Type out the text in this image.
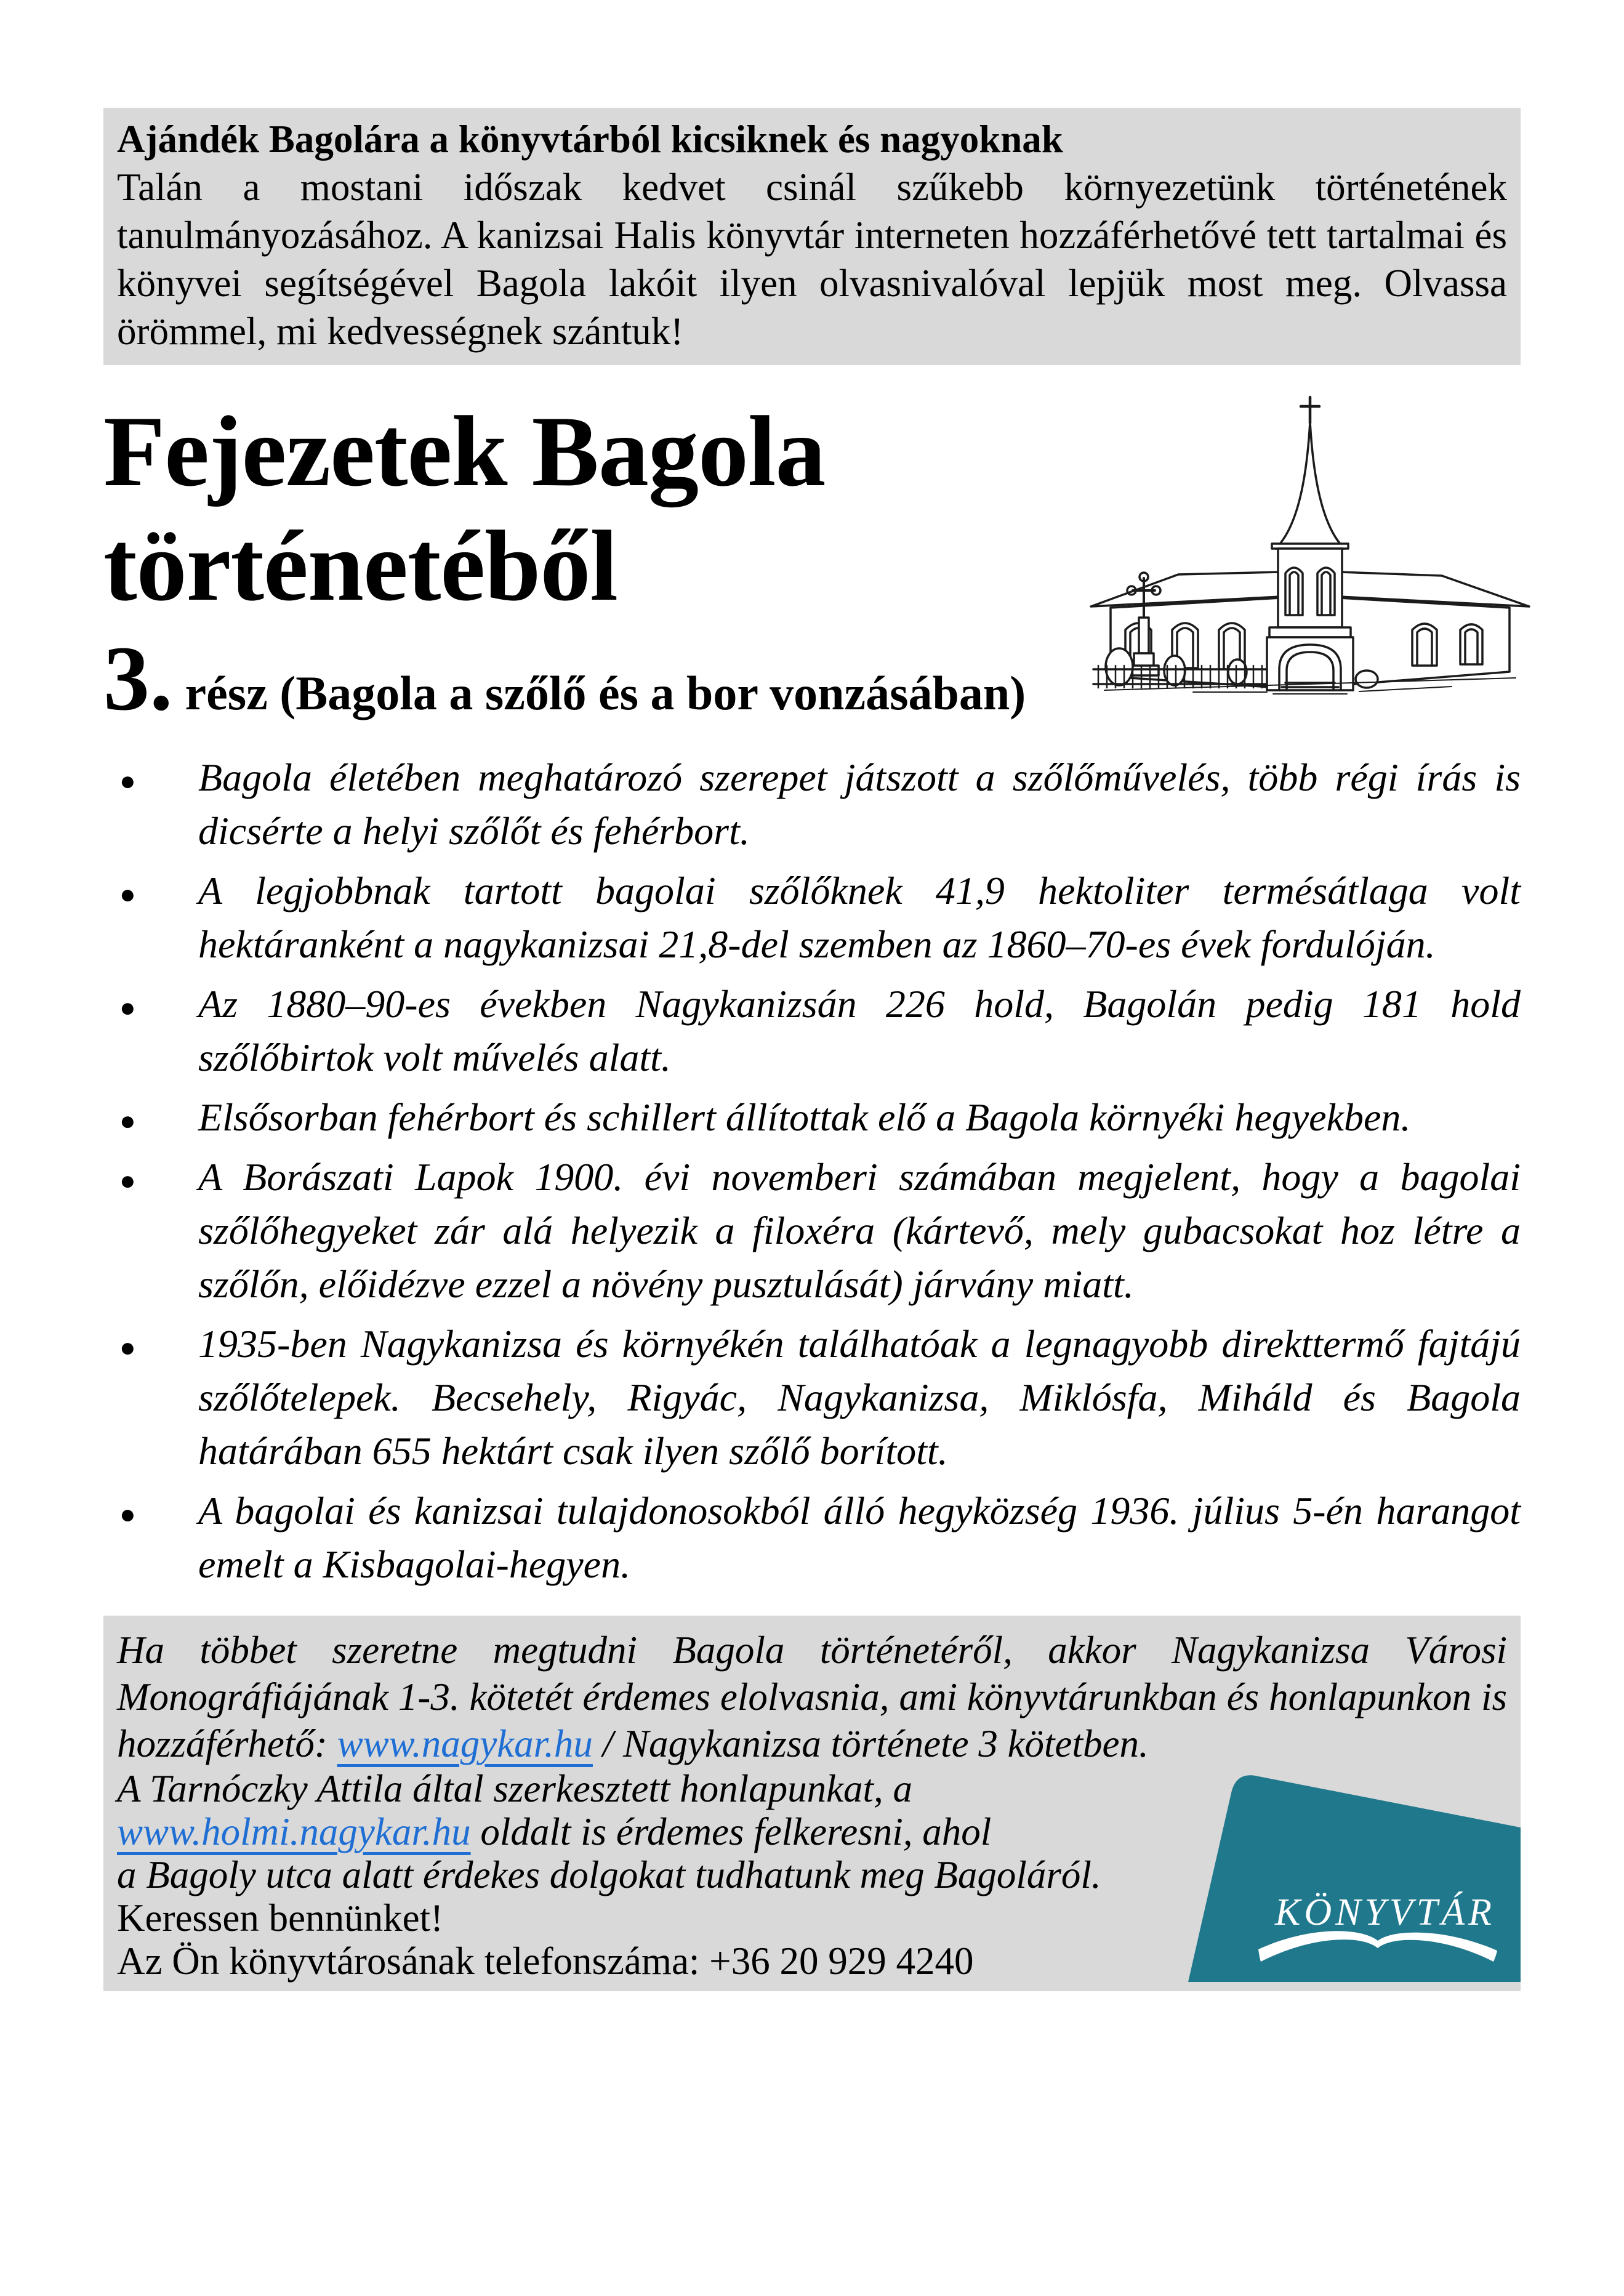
Ajándék Bagolára a könyvtárból kicsiknek és nagyoknak

Talán a mostani időszak kedvet csinál szűkebb környezetünk történetének tanulmányozásához. A kanizsai Halis könyvtár interneten hozzáférhetővé tett tartalmai és könyvei segítségével Bagola lakóit ilyen olvasnivalóval lepjük most meg. Olvassa örömmel, mi kedvességnek szántuk!

Fejezetek Bagola történetéből
3. rész (Bagola a szőlő és a bor vonzásában)
● Bagola életében meghatározó szerepet játszott a szőlőművelés, több régi írás is dicsérte a helyi szőlőt és fehérbort.
● A legjobbnak tartott bagolai szőlőknek 41,9 hektoliter termésátlaga volt hektáranként a nagykanizsai 21,8-del szemben az 1860–70-es évek fordulóján.
● Az 1880–90-es években Nagykanizsán 226 hold, Bagolán pedig 181 hold szőlőbirtok volt művelés alatt.
● Elsősorban fehérbort és schillert állítottak elő a Bagola környéki hegyekben.
● A Borászati Lapok 1900. évi novemberi számában megjelent, hogy a bagolai szőlőhegyeket zár alá helyezik a filoxéra (kártevő, mely gubacsokat hoz létre a szőlőn, előidézve ezzel a növény pusztulását) járvány miatt.
● 1935-ben Nagykanizsa és környékén találhatóak a legnagyobb direkttermő fajtájú szőlőtelepek. Becsehely, Rigyác, Nagykanizsa, Miklósfa, Miháld és Bagola határában 655 hektárt csak ilyen szőlő borított.
● A bagolai és kanizsai tulajdonosokból álló hegyközség 1936. július 5-én harangot emelt a Kisbagolai-hegyen.

Ha többet szeretne megtudni Bagola történetéről, akkor Nagykanizsa Városi Monográfiájának 1-3. kötetét érdemes elolvasnia, ami könyvtárunkban és honlapunkon is hozzáférhető: www.nagykar.hu / Nagykanizsa története 3 kötetben.

KÖNYVTÁR

A Tarnóczky Attila által szerkesztett honlapunkat, a

www.holmi.nagykar.hu oldalt is érdemes felkeresni, ahol

a Bagoly utca alatt érdekes dolgokat tudhatunk meg Bagoláról.

Keressen bennünket!

Az Ön könyvtárosának telefonszáma: +36 20 929 4240
